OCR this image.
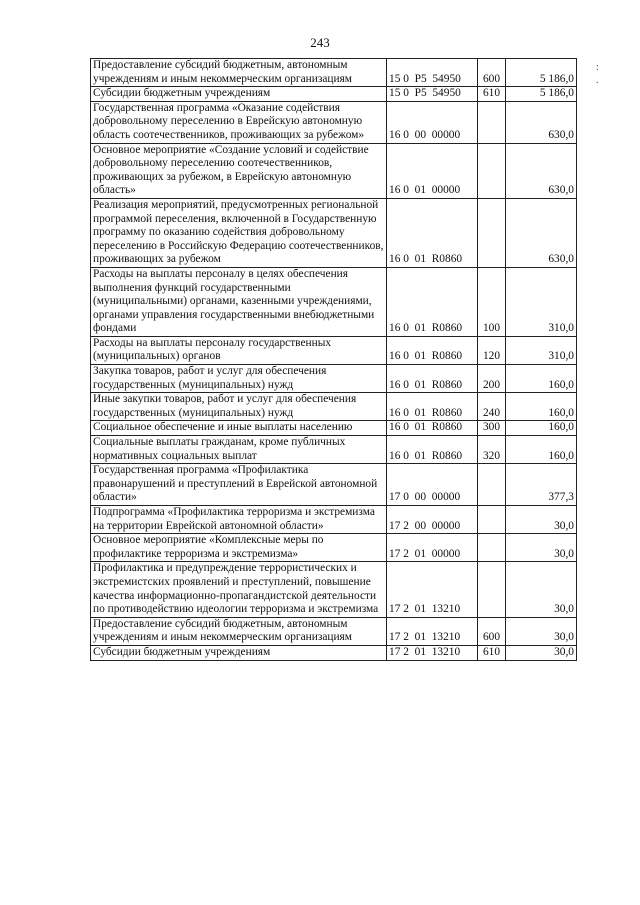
243
:
.
Предоставление субсидий бюджетным, автономным учреждениям и иным некоммерческим организациям	15 0  Р5  54950	600	5 186,0
Субсидии бюджетным учреждениям	15 0  Р5  54950	610	5 186,0
Государственная программа «Оказание содействия добровольному переселению в Еврейскую автономную область соотечественников, проживающих за рубежом»	16 0  00  00000		630,0
Основное мероприятие «Создание условий и содействие добровольному переселению соотечественников, проживающих за рубежом, в Еврейскую автономную область»	16 0  01  00000		630,0
Реализация мероприятий, предусмотренных региональной программой переселения, включенной в Государственную программу по оказанию содействия добровольному переселению в Российскую Федерацию соотечественников, проживающих за рубежом	16 0  01  R0860		630,0
Расходы на выплаты персоналу в целях обеспечения выполнения функций государственными (муниципальными) органами, казенными учреждениями, органами управления государственными внебюджетными фондами	16 0  01  R0860	100	310,0
Расходы на выплаты персоналу государственных (муниципальных) органов	16 0  01  R0860	120	310,0
Закупка товаров, работ и услуг для обеспечения государственных (муниципальных) нужд	16 0  01  R0860	200	160,0
Иные закупки товаров, работ и услуг для обеспечения государственных (муниципальных) нужд	16 0  01  R0860	240	160,0
Социальное обеспечение и иные выплаты населению	16 0  01  R0860	300	160,0
Социальные выплаты гражданам, кроме публичных нормативных социальных выплат	16 0  01  R0860	320	160,0
Государственная программа «Профилактика правонарушений и преступлений в Еврейской автономной области»	17 0  00  00000		377,3
Подпрограмма «Профилактика терроризма и экстремизма на территории Еврейской автономной области»	17 2  00  00000		30,0
Основное мероприятие «Комплексные меры по профилактике терроризма и экстремизма»	17 2  01  00000		30,0
Профилактика и предупреждение террористических и экстремистских проявлений и преступлений, повышение качества информационно-пропагандистской деятельности по противодействию идеологии терроризма и экстремизма	17 2  01  13210		30,0
Предоставление субсидий бюджетным, автономным учреждениям и иным некоммерческим организациям	17 2  01  13210	600	30,0
Субсидии бюджетным учреждениям	17 2  01  13210	610	30,0
